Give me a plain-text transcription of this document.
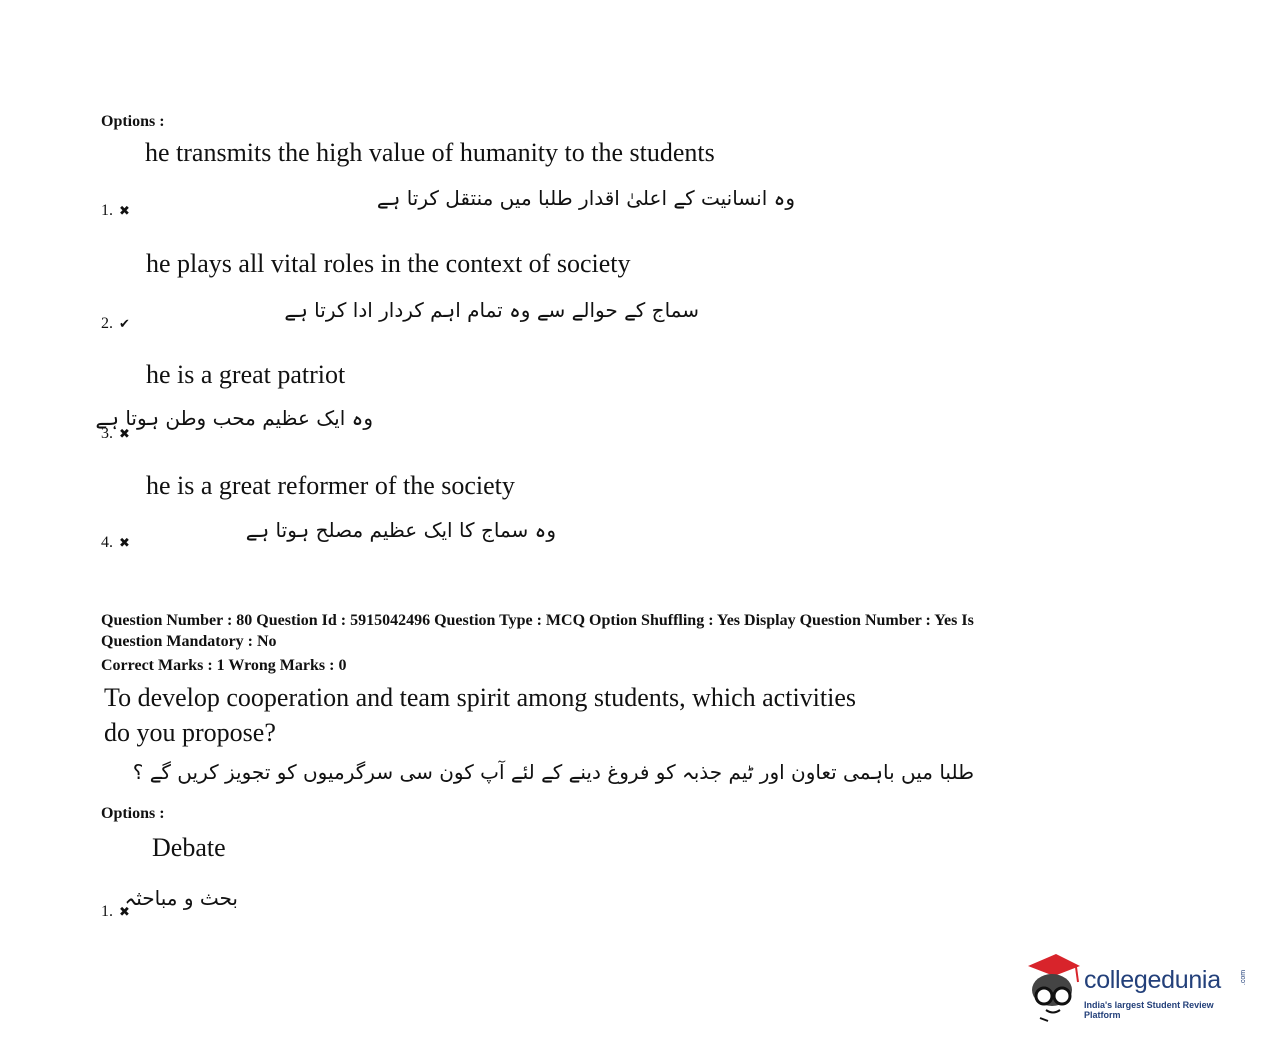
Options :
he transmits the high value of humanity to the students
وہ انسانیت کے اعلیٰ اقدار طلبا میں منتقل کرتا ہے
1. ✖
he plays all vital roles in the context of society
سماج کے حوالے سے وہ تمام اہم کردار ادا کرتا ہے
2. ✔
he is a great patriot
وہ ایک عظیم محب وطن ہوتا ہے
3. ✖
he is a great reformer of the society
وہ سماج کا ایک عظیم مصلح ہوتا ہے
4. ✖
Question Number : 80 Question Id : 5915042496 Question Type : MCQ Option Shuffling : Yes Display Question Number : Yes Is
Question Mandatory : No
Correct Marks : 1 Wrong Marks : 0
To develop cooperation and team spirit among students, which activities
do you propose?
طلبا میں باہمی تعاون اور ٹیم جذبہ کو فروغ دینے کے لئے آپ کون سی سرگرمیوں کو تجویز کریں گے ؟
Options :
Debate
بحث و مباحثہ
1. ✖
collegedunia	.com
India's largest Student Review Platform
